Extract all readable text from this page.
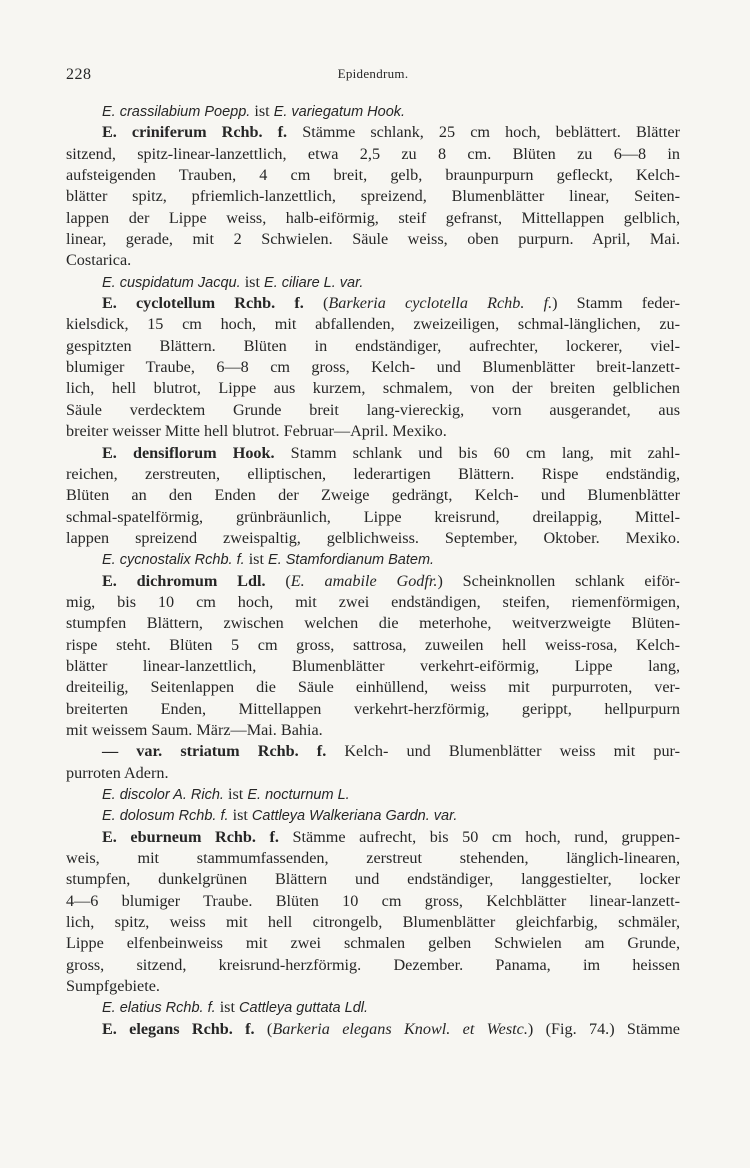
228	Epidendrum.
E. crassilabium Poepp. ist E. variegatum Hook.
E. criniferum Rchb. f. Stämme schlank, 25 cm hoch, beblättert. Blätter
sitzend, spitz-linear-lanzettlich, etwa 2,5 zu 8 cm. Blüten zu 6—8 in
aufsteigenden Trauben, 4 cm breit, gelb, braunpurpurn gefleckt, Kelch-
blätter spitz, pfriemlich-lanzettlich, spreizend, Blumenblätter linear, Seiten-
lappen der Lippe weiss, halb-eiförmig, steif gefranst, Mittellappen gelblich,
linear, gerade, mit 2 Schwielen. Säule weiss, oben purpurn. April, Mai.
Costarica.
E. cuspidatum Jacqu. ist E. ciliare L. var.
E. cyclotellum Rchb. f. (Barkeria cyclotella Rchb. f.) Stamm feder-
kielsdick, 15 cm hoch, mit abfallenden, zweizeiligen, schmal-länglichen, zu-
gespitzten Blättern. Blüten in endständiger, aufrechter, lockerer, viel-
blumiger Traube, 6—8 cm gross, Kelch- und Blumenblätter breit-lanzett-
lich, hell blutrot, Lippe aus kurzem, schmalem, von der breiten gelblichen
Säule verdecktem Grunde breit lang-viereckig, vorn ausgerandet, aus
breiter weisser Mitte hell blutrot. Februar—April. Mexiko.
E. densiflorum Hook. Stamm schlank und bis 60 cm lang, mit zahl-
reichen, zerstreuten, elliptischen, lederartigen Blättern. Rispe endständig,
Blüten an den Enden der Zweige gedrängt, Kelch- und Blumenblätter
schmal-spatelförmig, grünbräunlich, Lippe kreisrund, dreilappig, Mittel-
lappen spreizend zweispaltig, gelblichweiss. September, Oktober. Mexiko.
E. cycnostalix Rchb. f. ist E. Stamfordianum Batem.
E. dichromum Ldl. (E. amabile Godfr.) Scheinknollen schlank eiför-
mig, bis 10 cm hoch, mit zwei endständigen, steifen, riemenförmigen,
stumpfen Blättern, zwischen welchen die meterhohe, weitverzweigte Blüten-
rispe steht. Blüten 5 cm gross, sattrosa, zuweilen hell weiss-rosa, Kelch-
blätter linear-lanzettlich, Blumenblätter verkehrt-eiförmig, Lippe lang,
dreiteilig, Seitenlappen die Säule einhüllend, weiss mit purpurroten, ver-
breiterten Enden, Mittellappen verkehrt-herzförmig, gerippt, hellpurpurn
mit weissem Saum. März—Mai. Bahia.
— var. striatum Rchb. f. Kelch- und Blumenblätter weiss mit pur-
purroten Adern.
E. discolor A. Rich. ist E. nocturnum L.
E. dolosum Rchb. f. ist Cattleya Walkeriana Gardn. var.
E. eburneum Rchb. f. Stämme aufrecht, bis 50 cm hoch, rund, gruppen-
weis, mit stammumfassenden, zerstreut stehenden, länglich-linearen,
stumpfen, dunkelgrünen Blättern und endständiger, langgestielter, locker
4—6 blumiger Traube. Blüten 10 cm gross, Kelchblätter linear-lanzett-
lich, spitz, weiss mit hell citrongelb, Blumenblätter gleichfarbig, schmäler,
Lippe elfenbeinweiss mit zwei schmalen gelben Schwielen am Grunde,
gross, sitzend, kreisrund-herzförmig. Dezember. Panama, im heissen
Sumpfgebiete.
E. elatius Rchb. f. ist Cattleya guttata Ldl.
E. elegans Rchb. f. (Barkeria elegans Knowl. et Westc.) (Fig. 74.) Stämme
